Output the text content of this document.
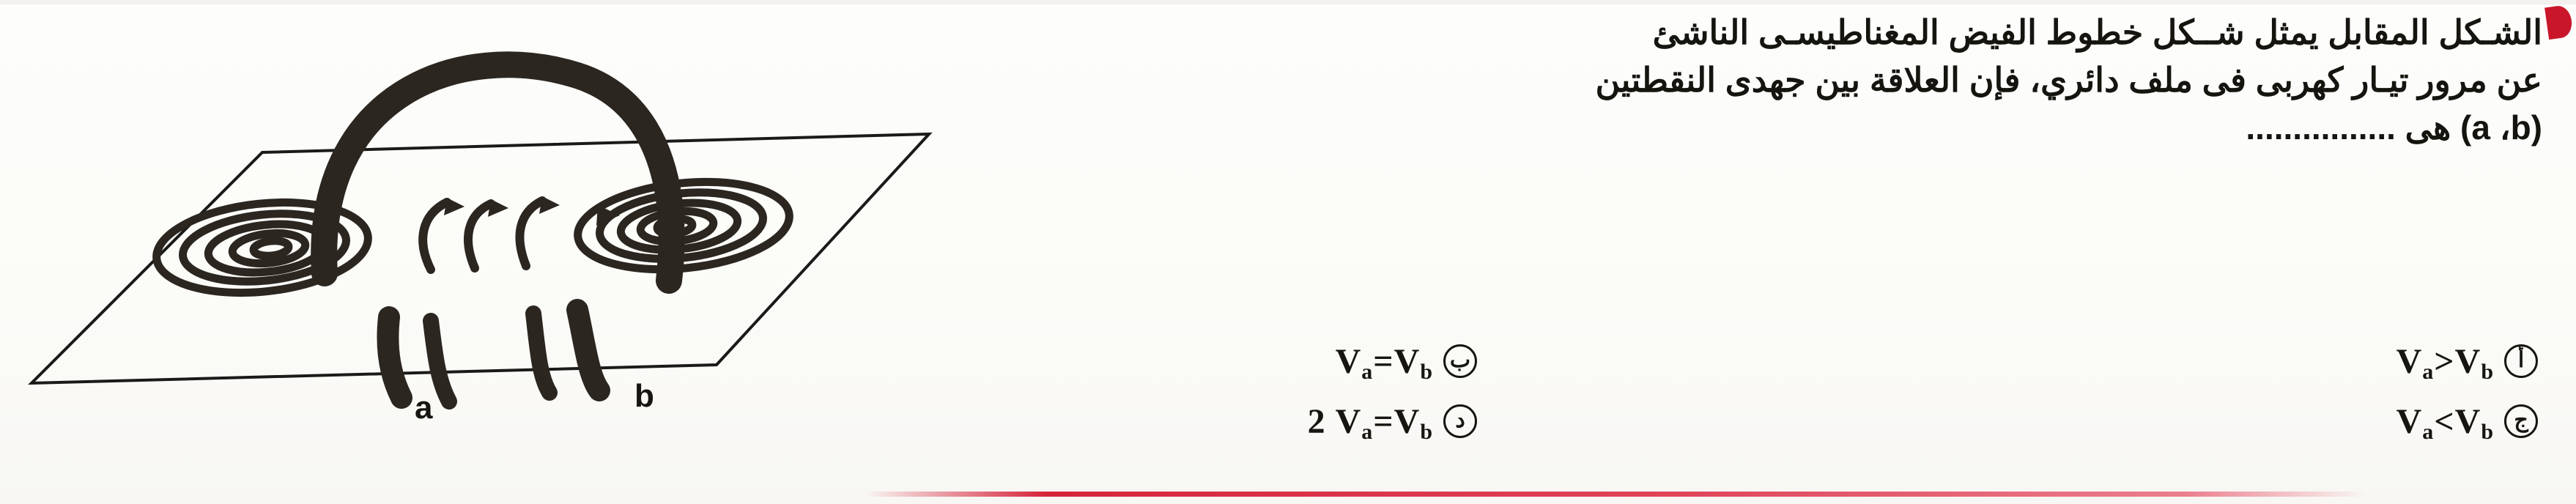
الشـكل المقابل يمثل شــكل خطوط الفيض المغناطيسـى الناشئ
عن مرور تيـار كهربى فى ملف دائري، فإن العلاقة بين جهدى النقطتين
(a ،b) هى ................
أ
$V_a>V_b$
ج
$V_a<V_b$
ب
$V_a=V_b$
د
2 $V_a=V_b$
a	b
